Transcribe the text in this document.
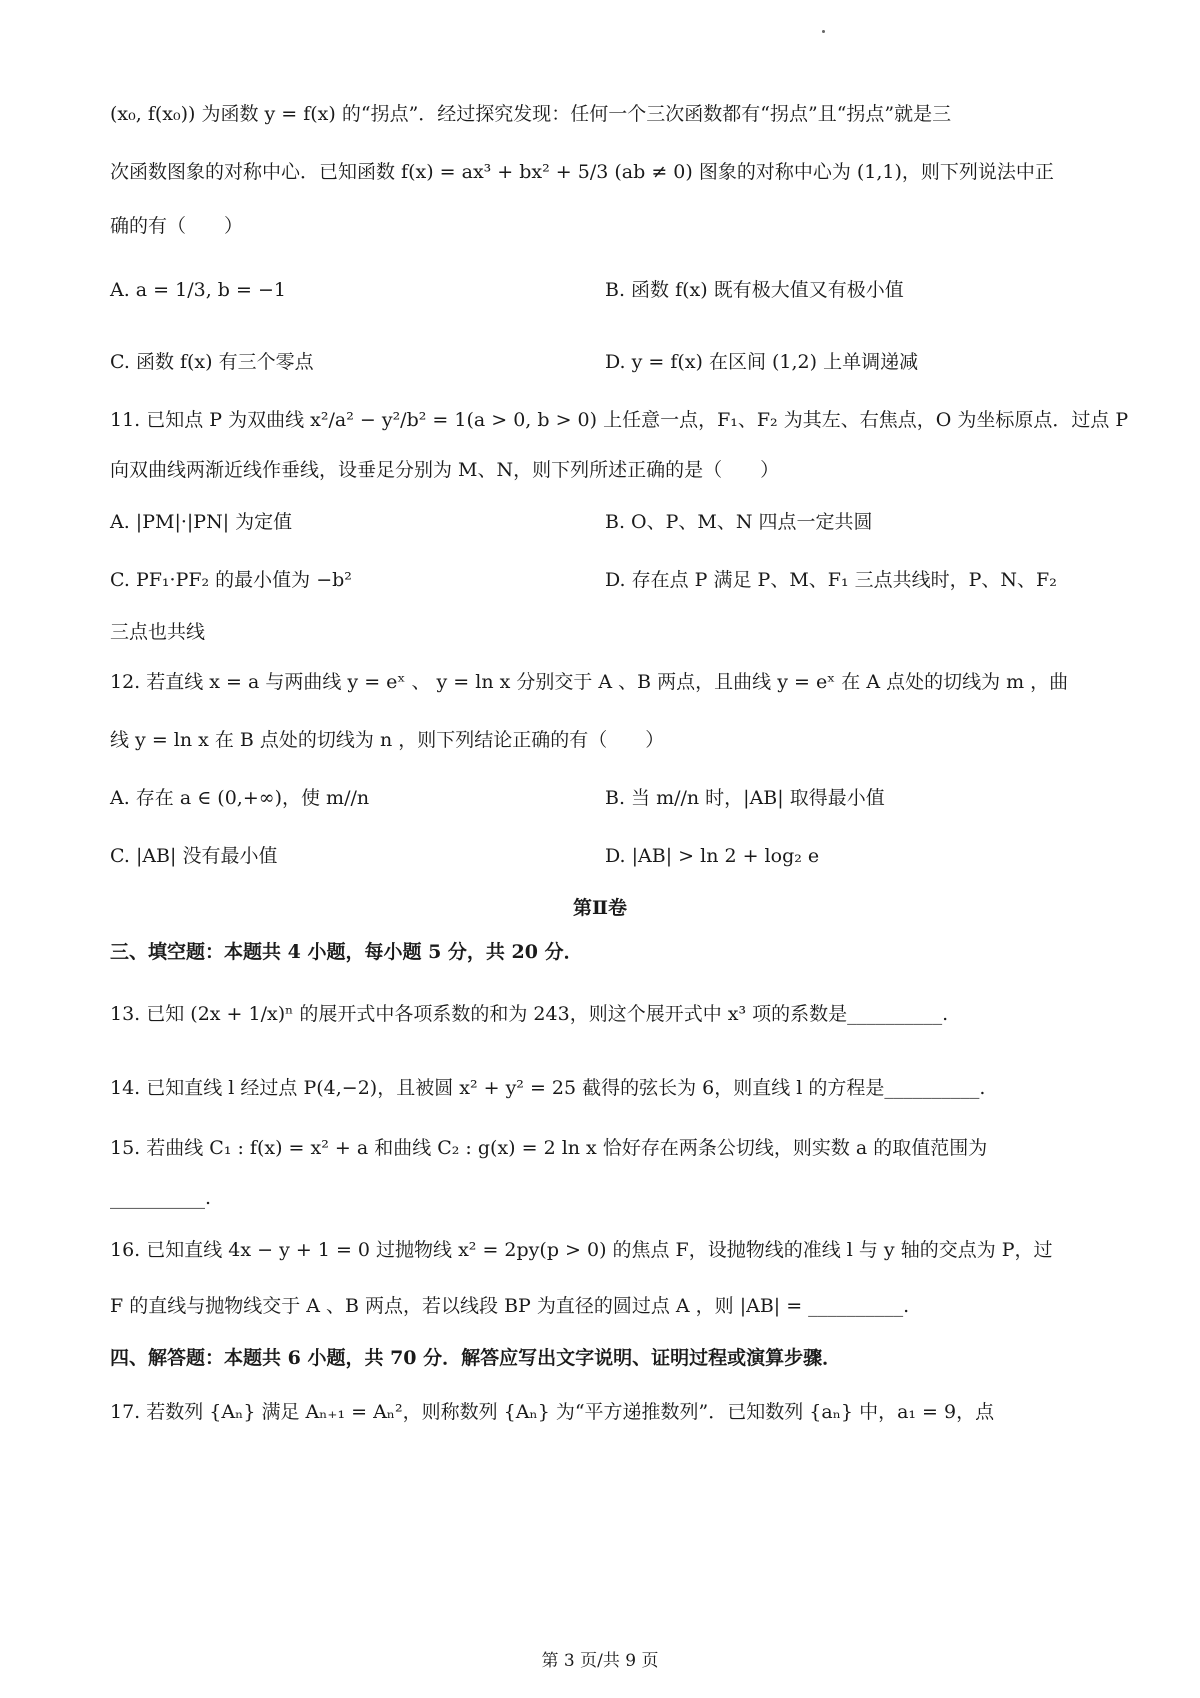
(x₀, f(x₀)) 为函数 y = f(x) 的“拐点”．经过探究发现：任何一个三次函数都有“拐点”且“拐点”就是三
次函数图象的对称中心．已知函数 f(x) = ax³ + bx² + 5/3 (ab ≠ 0) 图象的对称中心为 (1,1)，则下列说法中正
确的有（　　）
A. a = 1/3, b = −1	B. 函数 f(x) 既有极大值又有极小值
C. 函数 f(x) 有三个零点	D. y = f(x) 在区间 (1,2) 上单调递减
11. 已知点 P 为双曲线 x²/a² − y²/b² = 1(a > 0, b > 0) 上任意一点，F₁、F₂ 为其左、右焦点，O 为坐标原点．过点 P
向双曲线两渐近线作垂线，设垂足分别为 M、N，则下列所述正确的是（　　）
A. |PM|·|PN| 为定值	B. O、P、M、N 四点一定共圆
C. PF₁·PF₂ 的最小值为 −b²	D. 存在点 P 满足 P、M、F₁ 三点共线时，P、N、F₂
三点也共线
12. 若直线 x = a 与两曲线 y = eˣ 、 y = ln x 分别交于 A 、B 两点，且曲线 y = eˣ 在 A 点处的切线为 m ，曲
线 y = ln x 在 B 点处的切线为 n ，则下列结论正确的有（　　）
A. 存在 a ∈ (0,+∞)，使 m//n	B. 当 m//n 时，|AB| 取得最小值
C. |AB| 没有最小值	D. |AB| > ln 2 + log₂ e
第Ⅱ卷
三、填空题：本题共 4 小题，每小题 5 分，共 20 分．
13. 已知 (2x + 1/x)ⁿ 的展开式中各项系数的和为 243，则这个展开式中 x³ 项的系数是__________.
14. 已知直线 l 经过点 P(4,−2)，且被圆 x² + y² = 25 截得的弦长为 6，则直线 l 的方程是__________.
15. 若曲线 C₁ : f(x) = x² + a 和曲线 C₂ : g(x) = 2 ln x 恰好存在两条公切线，则实数 a 的取值范围为
__________.
16. 已知直线 4x − y + 1 = 0 过抛物线 x² = 2py(p > 0) 的焦点 F，设抛物线的准线 l 与 y 轴的交点为 P，过
F 的直线与抛物线交于 A 、B 两点，若以线段 BP 为直径的圆过点 A ，则 |AB| = __________.
四、解答题：本题共 6 小题，共 70 分．解答应写出文字说明、证明过程或演算步骤．
17. 若数列 {Aₙ} 满足 Aₙ₊₁ = Aₙ²，则称数列 {Aₙ} 为“平方递推数列”．已知数列 {aₙ} 中，a₁ = 9，点
第 3 页/共 9 页
